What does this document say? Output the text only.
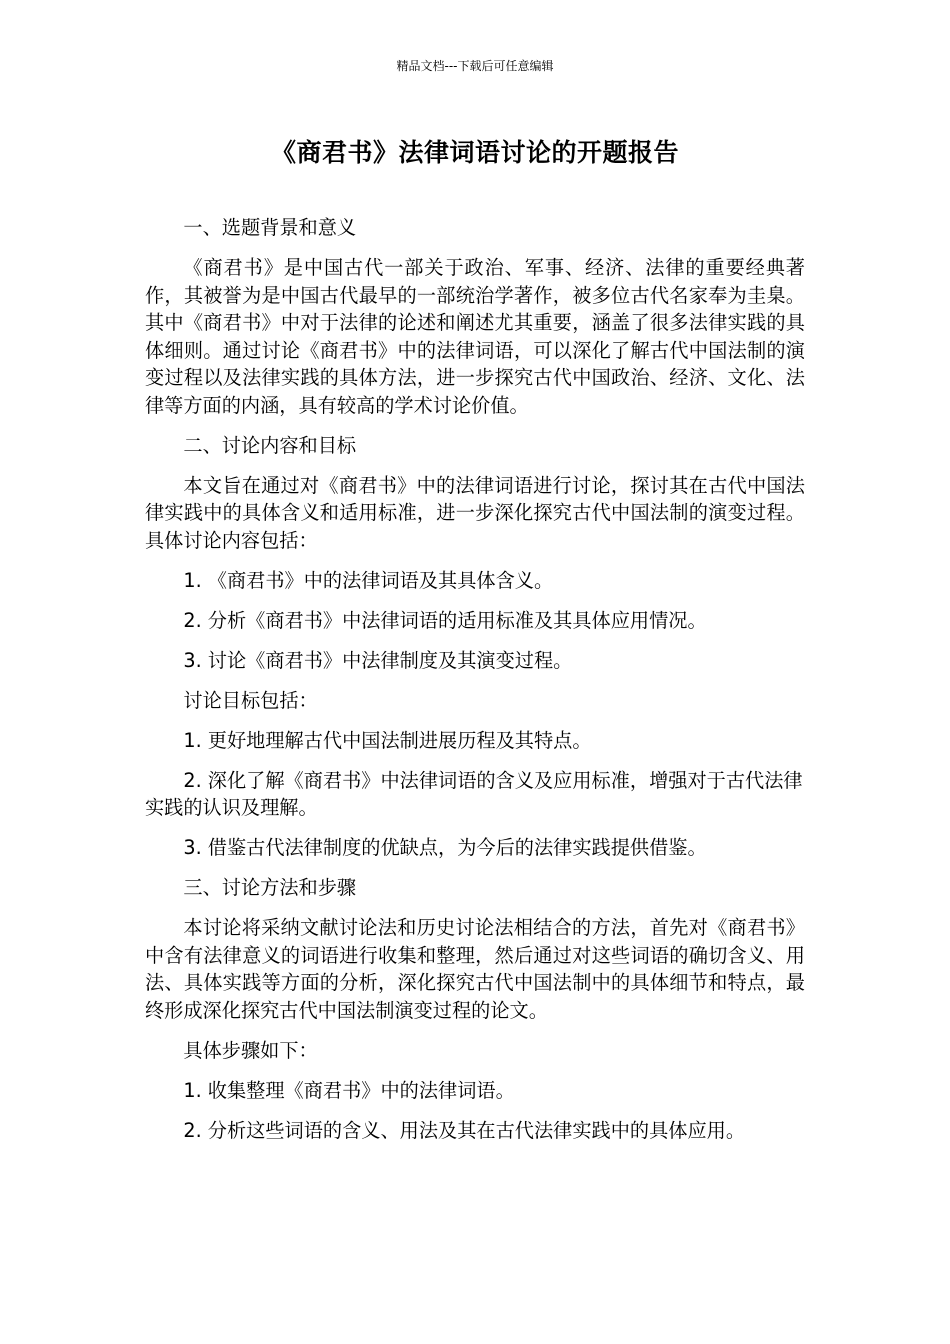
精品文档---下载后可任意编辑
《商君书》法律词语讨论的开题报告

一、选题背景和意义

《商君书》是中国古代一部关于政治、军事、经济、法律的重要经典著作，其被誉为是中国古代最早的一部统治学著作，被多位古代名家奉为圭臬。其中《商君书》中对于法律的论述和阐述尤其重要，涵盖了很多法律实践的具体细则。通过讨论《商君书》中的法律词语，可以深化了解古代中国法制的演变过程以及法律实践的具体方法，进一步探究古代中国政治、经济、文化、法律等方面的内涵，具有较高的学术讨论价值。

二、讨论内容和目标

本文旨在通过对《商君书》中的法律词语进行讨论，探讨其在古代中国法律实践中的具体含义和适用标准，进一步深化探究古代中国法制的演变过程。具体讨论内容包括：

1. 《商君书》中的法律词语及其具体含义。

2. 分析《商君书》中法律词语的适用标准及其具体应用情况。

3. 讨论《商君书》中法律制度及其演变过程。

讨论目标包括：

1. 更好地理解古代中国法制进展历程及其特点。

2. 深化了解《商君书》中法律词语的含义及应用标准，增强对于古代法律实践的认识及理解。

3. 借鉴古代法律制度的优缺点，为今后的法律实践提供借鉴。

三、讨论方法和步骤

本讨论将采纳文献讨论法和历史讨论法相结合的方法，首先对《商君书》中含有法律意义的词语进行收集和整理，然后通过对这些词语的确切含义、用法、具体实践等方面的分析，深化探究古代中国法制中的具体细节和特点，最终形成深化探究古代中国法制演变过程的论文。

具体步骤如下：

1. 收集整理《商君书》中的法律词语。

2. 分析这些词语的含义、用法及其在古代法律实践中的具体应用。
